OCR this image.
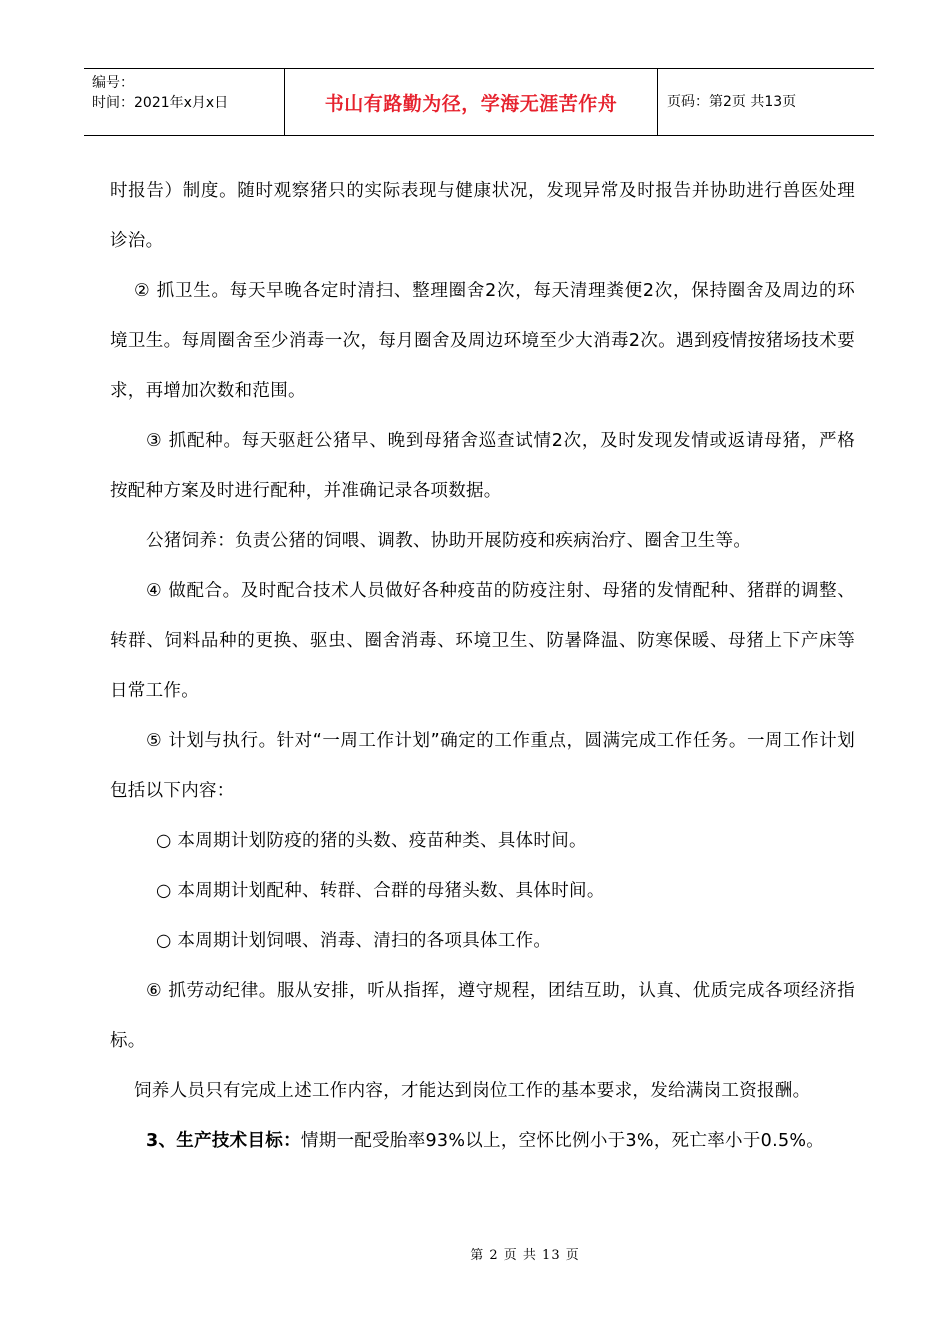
编号：
时间：2021年x月x日	书山有路勤为径，学海无涯苦作舟	页码：第2页 共13页

时报告）制度。随时观察猪只的实际表现与健康状况，发现异常及时报告并协助进行兽医处理诊治。

② 抓卫生。每天早晚各定时清扫、整理圈舍2次，每天清理粪便2次，保持圈舍及周边的环境卫生。每周圈舍至少消毒一次，每月圈舍及周边环境至少大消毒2次。遇到疫情按猪场技术要求，再增加次数和范围。

③ 抓配种。每天驱赶公猪早、晚到母猪舍巡查试情2次，及时发现发情或返请母猪，严格按配种方案及时进行配种，并准确记录各项数据。

公猪饲养：负责公猪的饲喂、调教、协助开展防疫和疾病治疗、圈舍卫生等。

④ 做配合。及时配合技术人员做好各种疫苗的防疫注射、母猪的发情配种、猪群的调整、转群、饲料品种的更换、驱虫、圈舍消毒、环境卫生、防暑降温、防寒保暖、母猪上下产床等日常工作。

⑤ 计划与执行。针对“一周工作计划”确定的工作重点，圆满完成工作任务。一周工作计划包括以下内容：

○ 本周期计划防疫的猪的头数、疫苗种类、具体时间。

○ 本周期计划配种、转群、合群的母猪头数、具体时间。

○ 本周期计划饲喂、消毒、清扫的各项具体工作。

⑥ 抓劳动纪律。服从安排，听从指挥，遵守规程，团结互助，认真、优质完成各项经济指标。

饲养人员只有完成上述工作内容，才能达到岗位工作的基本要求，发给满岗工资报酬。

3、生产技术目标：情期一配受胎率93%以上，空怀比例小于3%，死亡率小于0.5%。

第 2 页 共 13 页
